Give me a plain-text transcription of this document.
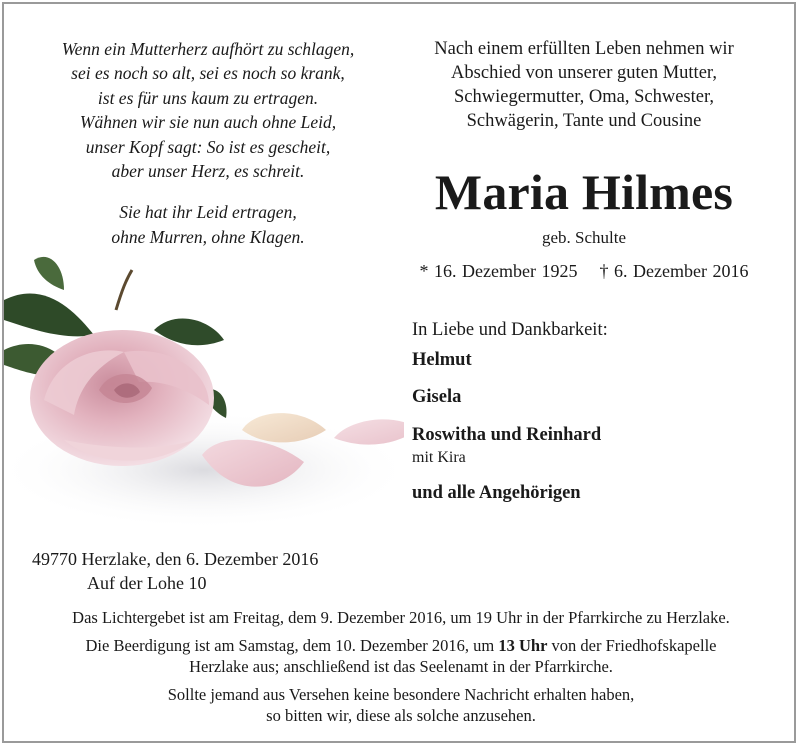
Wenn ein Mutterherz aufhört zu schlagen,
sei es noch so alt, sei es noch so krank,
ist es für uns kaum zu ertragen.
Wähnen wir sie nun auch ohne Leid,
unser Kopf sagt: So ist es gescheit,
aber unser Herz, es schreit.
Sie hat ihr Leid ertragen,
ohne Murren, ohne Klagen.
Nach einem erfüllten Leben nehmen wir
Abschied von unserer guten Mutter,
Schwiegermutter, Oma, Schwester,
Schwägerin, Tante und Cousine
Maria Hilmes
geb. Schulte
* 16. Dezember 1925 † 6. Dezember 2016
In Liebe und Dankbarkeit:
Helmut
Gisela
Roswitha und Reinhard
mit Kira
und alle Angehörigen
49770 Herzlake, den 6. Dezember 2016
Auf der Lohe 10
Das Lichtergebet ist am Freitag, dem 9. Dezember 2016, um 19 Uhr in der Pfarrkirche zu Herzlake.
Die Beerdigung ist am Samstag, dem 10. Dezember 2016, um 13 Uhr von der Friedhofskapelle
Herzlake aus; anschließend ist das Seelenamt in der Pfarrkirche.
Sollte jemand aus Versehen keine besondere Nachricht erhalten haben,
so bitten wir, diese als solche anzusehen.
